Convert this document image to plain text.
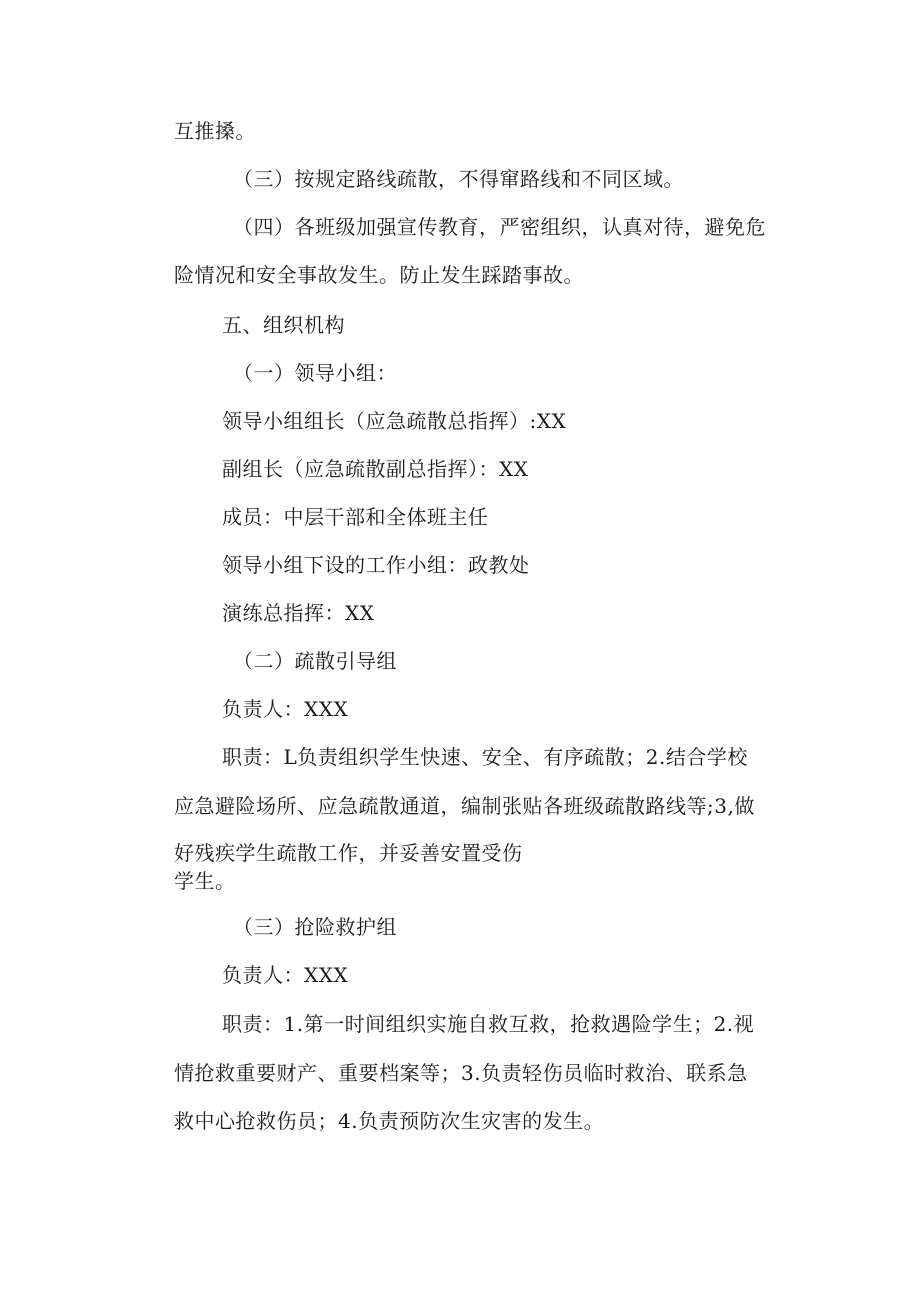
互推搡。
（三）按规定路线疏散，不得窜路线和不同区域。
（四）各班级加强宣传教育，严密组织，认真对待，避免危
险情况和安全事故发生。防止发生踩踏事故。
五、组织机构
（一）领导小组：
领导小组组长（应急疏散总指挥）:XX
副组长（应急疏散副总指挥）：XX
成员：中层干部和全体班主任
领导小组下设的工作小组：政教处
演练总指挥：XX
（二）疏散引导组
负责人：XXX
职责：L负责组织学生快速、安全、有序疏散；2.结合学校
应急避险场所、应急疏散通道，编制张贴各班级疏散路线等;3,做
好残疾学生疏散工作，并妥善安置受伤
学生。
（三）抢险救护组
负责人：XXX
职责：1.第一时间组织实施自救互救，抢救遇险学生；2.视
情抢救重要财产、重要档案等；3.负责轻伤员临时救治、联系急
救中心抢救伤员；4.负责预防次生灾害的发生。
